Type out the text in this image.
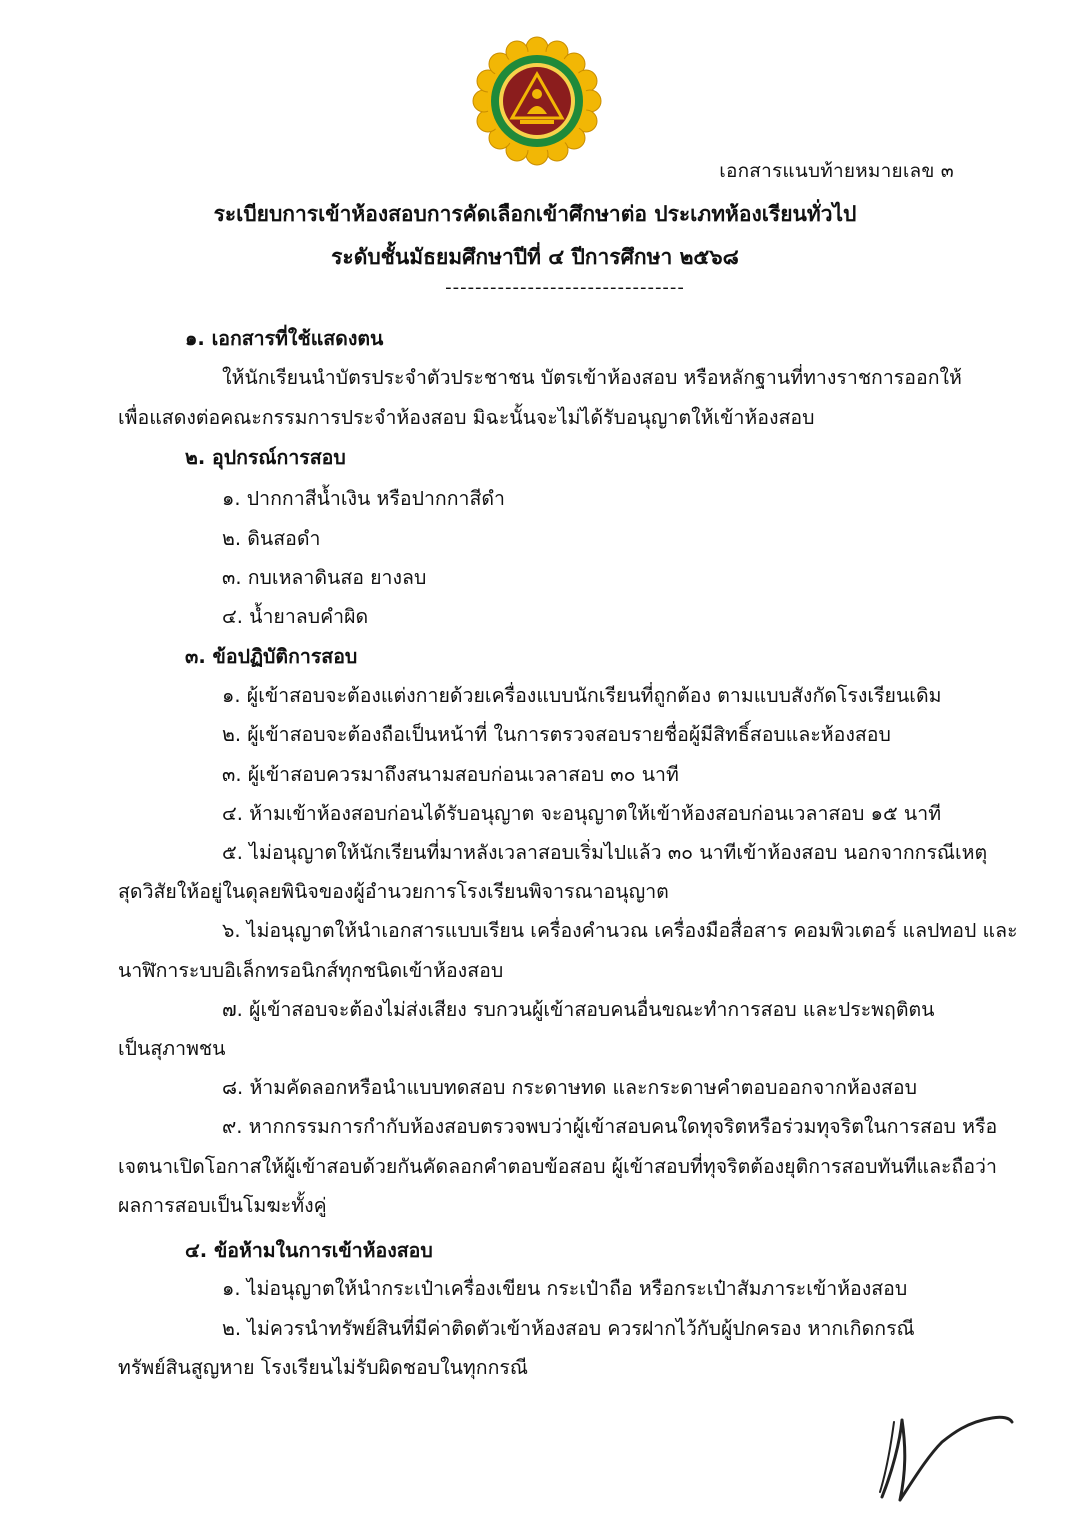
เอกสารแนบท้ายหมายเลข ๓
ระเบียบการเข้าห้องสอบการคัดเลือกเข้าศึกษาต่อ ประเภทห้องเรียนทั่วไป
ระดับชั้นมัธยมศึกษาปีที่ ๔ ปีการศึกษา ๒๕๖๘
--------------------------------
๑. เอกสารที่ใช้แสดงตน
ให้นักเรียนนำบัตรประจำตัวประชาชน บัตรเข้าห้องสอบ หรือหลักฐานที่ทางราชการออกให้
เพื่อแสดงต่อคณะกรรมการประจำห้องสอบ มิฉะนั้นจะไม่ได้รับอนุญาตให้เข้าห้องสอบ
๒. อุปกรณ์การสอบ
๑. ปากกาสีน้ำเงิน หรือปากกาสีดำ
๒. ดินสอดำ
๓. กบเหลาดินสอ ยางลบ
๔. น้ำยาลบคำผิด
๓. ข้อปฏิบัติการสอบ
๑. ผู้เข้าสอบจะต้องแต่งกายด้วยเครื่องแบบนักเรียนที่ถูกต้อง ตามแบบสังกัดโรงเรียนเดิม
๒. ผู้เข้าสอบจะต้องถือเป็นหน้าที่ ในการตรวจสอบรายชื่อผู้มีสิทธิ์สอบและห้องสอบ
๓. ผู้เข้าสอบควรมาถึงสนามสอบก่อนเวลาสอบ ๓๐ นาที
๔. ห้ามเข้าห้องสอบก่อนได้รับอนุญาต จะอนุญาตให้เข้าห้องสอบก่อนเวลาสอบ ๑๕ นาที
๕. ไม่อนุญาตให้นักเรียนที่มาหลังเวลาสอบเริ่มไปแล้ว ๓๐ นาทีเข้าห้องสอบ นอกจากกรณีเหตุ
สุดวิสัยให้อยู่ในดุลยพินิจของผู้อำนวยการโรงเรียนพิจารณาอนุญาต
๖. ไม่อนุญาตให้นำเอกสารแบบเรียน เครื่องคำนวณ เครื่องมือสื่อสาร คอมพิวเตอร์ แลปทอป และ
นาฬิการะบบอิเล็กทรอนิกส์ทุกชนิดเข้าห้องสอบ
๗. ผู้เข้าสอบจะต้องไม่ส่งเสียง รบกวนผู้เข้าสอบคนอื่นขณะทำการสอบ และประพฤติตน
เป็นสุภาพชน
๘. ห้ามคัดลอกหรือนำแบบทดสอบ กระดาษทด และกระดาษคำตอบออกจากห้องสอบ
๙. หากกรรมการกำกับห้องสอบตรวจพบว่าผู้เข้าสอบคนใดทุจริตหรือร่วมทุจริตในการสอบ หรือ
เจตนาเปิดโอกาสให้ผู้เข้าสอบด้วยกันคัดลอกคำตอบข้อสอบ ผู้เข้าสอบที่ทุจริตต้องยุติการสอบทันทีและถือว่า
ผลการสอบเป็นโมฆะทั้งคู่
๔. ข้อห้ามในการเข้าห้องสอบ
๑. ไม่อนุญาตให้นำกระเป๋าเครื่องเขียน กระเป๋าถือ หรือกระเป๋าสัมภาระเข้าห้องสอบ
๒. ไม่ควรนำทรัพย์สินที่มีค่าติดตัวเข้าห้องสอบ ควรฝากไว้กับผู้ปกครอง หากเกิดกรณี
ทรัพย์สินสูญหาย โรงเรียนไม่รับผิดชอบในทุกกรณี
